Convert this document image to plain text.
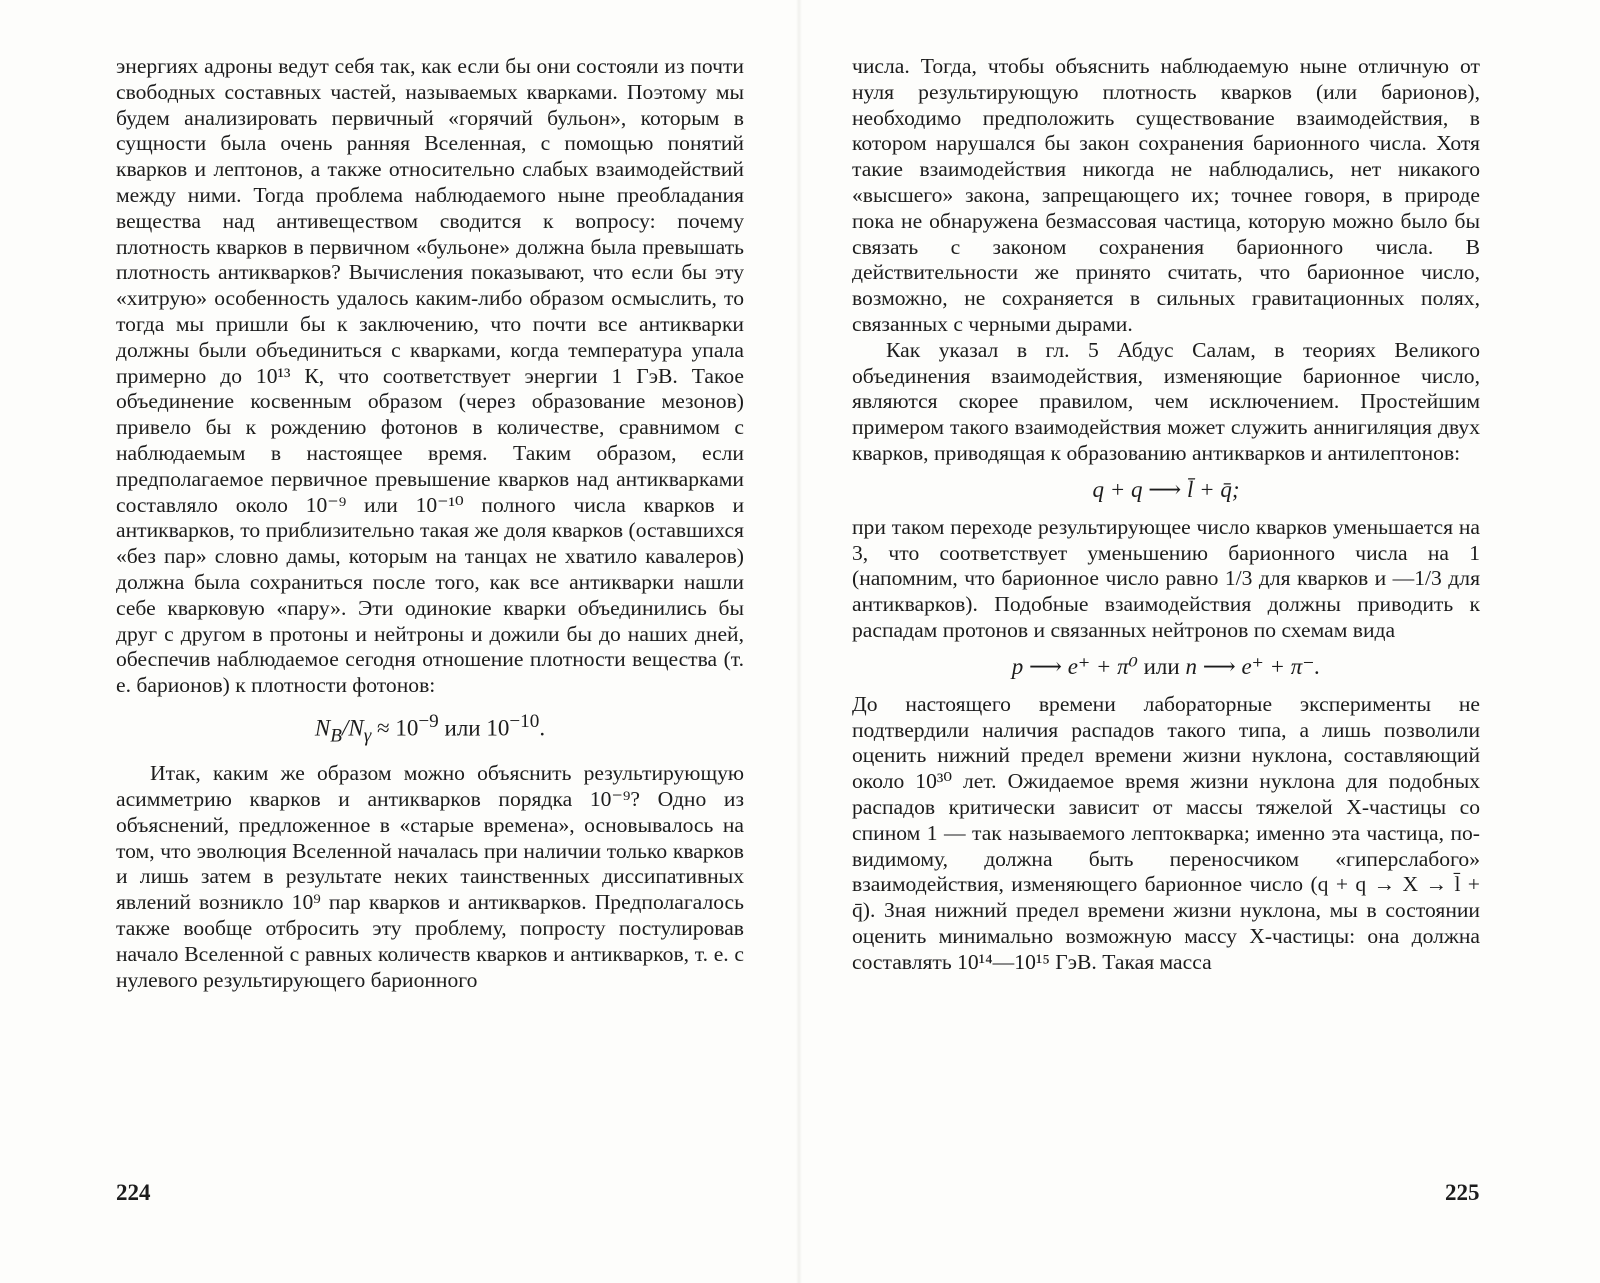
энергиях адроны ведут себя так, как если бы они состояли из почти свободных составных частей, называемых кварками. Поэтому мы будем анализировать первичный «горячий бульон», которым в сущности была очень ранняя Вселенная, с помощью понятий кварков и лептонов, а также относительно слабых взаимодействий между ними. Тогда проблема наблюдаемого ныне преобладания вещества над антивеществом сводится к вопросу: почему плотность кварков в первичном «бульоне» должна была превышать плотность антикварков? Вычисления показывают, что если бы эту «хитрую» особенность удалось каким-либо образом осмыслить, то тогда мы пришли бы к заключению, что почти все антикварки должны были объединиться с кварками, когда температура упала примерно до 10¹³ К, что соответствует энергии 1 ГэВ. Такое объединение косвенным образом (через образование мезонов) привело бы к рождению фотонов в количестве, сравнимом с наблюдаемым в настоящее время. Таким образом, если предполагаемое первичное превышение кварков над антикварками составляло около 10⁻⁹ или 10⁻¹⁰ полного числа кварков и антикварков, то приблизительно такая же доля кварков (оставшихся «без пар» словно дамы, которым на танцах не хватило кавалеров) должна была сохраниться после того, как все антикварки нашли себе кварковую «пару». Эти одинокие кварки объединились бы друг с другом в протоны и нейтроны и дожили бы до наших дней, обеспечив наблюдаемое сегодня отношение плотности вещества (т. е. барионов) к плотности фотонов:

$N_B/N_\gamma \approx 10^{-9}$ или $10^{-10}$.

Итак, каким же образом можно объяснить результирующую асимметрию кварков и антикварков порядка 10⁻⁹? Одно из объяснений, предложенное в «старые времена», основывалось на том, что эволюция Вселенной началась при наличии только кварков и лишь затем в результате неких таинственных диссипативных явлений возникло 10⁹ пар кварков и антикварков. Предполагалось также вообще отбросить эту проблему, попросту постулировав начало Вселенной с равных количеств кварков и антикварков, т. е. с нулевого результирующего барионного

224

числа. Тогда, чтобы объяснить наблюдаемую ныне отличную от нуля результирующую плотность кварков (или барионов), необходимо предположить существование взаимодействия, в котором нарушался бы закон сохранения барионного числа. Хотя такие взаимодействия никогда не наблюдались, нет никакого «высшего» закона, запрещающего их; точнее говоря, в природе пока не обнаружена безмассовая частица, которую можно было бы связать с законом сохранения барионного числа. В действительности же принято считать, что барионное число, возможно, не сохраняется в сильных гравитационных полях, связанных с черными дырами.

Как указал в гл. 5 Абдус Салам, в теориях Великого объединения взаимодействия, изменяющие барионное число, являются скорее правилом, чем исключением. Простейшим примером такого взаимодействия может служить аннигиляция двух кварков, приводящая к образованию антикварков и антилептонов:

q + q ⟶ l̄ + q̄;

при таком переходе результирующее число кварков уменьшается на 3, что соответствует уменьшению барионного числа на 1 (напомним, что барионное число равно 1/3 для кварков и —1/3 для антикварков). Подобные взаимодействия должны приводить к распадам протонов и связанных нейтронов по схемам вида

p ⟶ e⁺ + π⁰ или n ⟶ e⁺ + π⁻.

До настоящего времени лабораторные эксперименты не подтвердили наличия распадов такого типа, а лишь позволили оценить нижний предел времени жизни нуклона, составляющий около 10³⁰ лет. Ожидаемое время жизни нуклона для подобных распадов критически зависит от массы тяжелой X-частицы со спином 1 — так называемого лептокварка; именно эта частица, по-видимому, должна быть переносчиком «гиперслабого» взаимодействия, изменяющего барионное число (q + q → X → l̄ + q̄). Зная нижний предел времени жизни нуклона, мы в состоянии оценить минимально возможную массу X-частицы: она должна составлять 10¹⁴—10¹⁵ ГэВ. Такая масса

225
